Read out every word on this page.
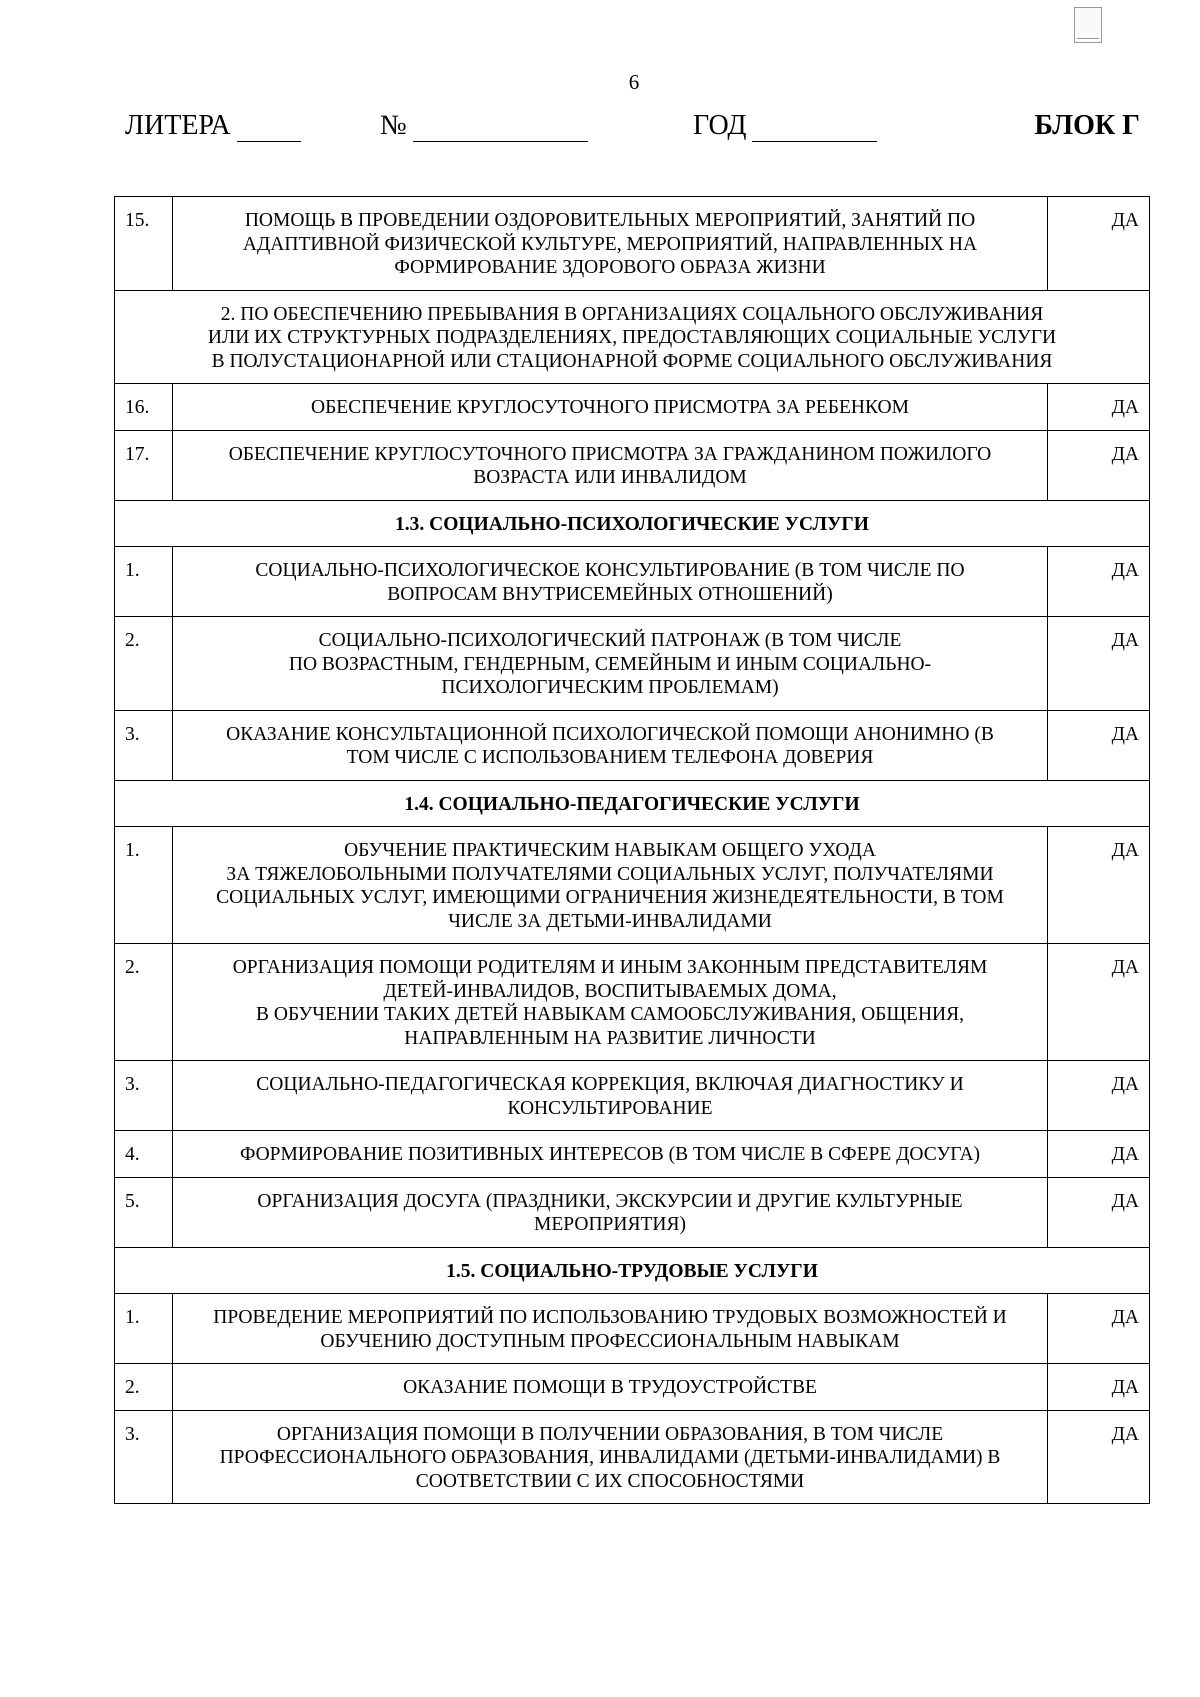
6
ЛИТЕРА	№	ГОД	БЛОК Г
15.	ПОМОЩЬ В ПРОВЕДЕНИИ ОЗДОРОВИТЕЛЬНЫХ МЕРОПРИЯТИЙ, ЗАНЯТИЙ ПО
АДАПТИВНОЙ ФИЗИЧЕСКОЙ КУЛЬТУРЕ, МЕРОПРИЯТИЙ, НАПРАВЛЕННЫХ НА
ФОРМИРОВАНИЕ ЗДОРОВОГО ОБРАЗА ЖИЗНИ	ДА

2. ПО ОБЕСПЕЧЕНИЮ ПРЕБЫВАНИЯ В ОРГАНИЗАЦИЯХ СОЦАЛЬНОГО ОБСЛУЖИВАНИЯ
ИЛИ ИХ СТРУКТУРНЫХ ПОДРАЗДЕЛЕНИЯХ, ПРЕДОСТАВЛЯЮЩИХ СОЦИАЛЬНЫЕ УСЛУГИ
В ПОЛУСТАЦИОНАРНОЙ ИЛИ СТАЦИОНАРНОЙ ФОРМЕ СОЦИАЛЬНОГО ОБСЛУЖИВАНИЯ		

16.	ОБЕСПЕЧЕНИЕ КРУГЛОСУТОЧНОГО ПРИСМОТРА ЗА РЕБЕНКОМ	ДА
17.	ОБЕСПЕЧЕНИЕ КРУГЛОСУТОЧНОГО ПРИСМОТРА ЗА ГРАЖДАНИНОМ ПОЖИЛОГО
ВОЗРАСТА ИЛИ ИНВАЛИДОМ	ДА

1.3. СОЦИАЛЬНО-ПСИХОЛОГИЧЕСКИЕ УСЛУГИ		

1.	СОЦИАЛЬНО-ПСИХОЛОГИЧЕСКОЕ КОНСУЛЬТИРОВАНИЕ (В ТОМ ЧИСЛЕ ПО
ВОПРОСАМ ВНУТРИСЕМЕЙНЫХ ОТНОШЕНИЙ)	ДА
2.	СОЦИАЛЬНО-ПСИХОЛОГИЧЕСКИЙ ПАТРОНАЖ (В ТОМ ЧИСЛЕ
ПО ВОЗРАСТНЫМ, ГЕНДЕРНЫМ, СЕМЕЙНЫМ И ИНЫМ СОЦИАЛЬНО-
ПСИХОЛОГИЧЕСКИМ ПРОБЛЕМАМ)	ДА
3.	ОКАЗАНИЕ КОНСУЛЬТАЦИОННОЙ ПСИХОЛОГИЧЕСКОЙ ПОМОЩИ АНОНИМНО (В
ТОМ ЧИСЛЕ С ИСПОЛЬЗОВАНИЕМ ТЕЛЕФОНА ДОВЕРИЯ	ДА

1.4. СОЦИАЛЬНО-ПЕДАГОГИЧЕСКИЕ УСЛУГИ		

1.	ОБУЧЕНИЕ ПРАКТИЧЕСКИМ НАВЫКАМ ОБЩЕГО УХОДА
ЗА ТЯЖЕЛОБОЛЬНЫМИ ПОЛУЧАТЕЛЯМИ СОЦИАЛЬНЫХ УСЛУГ, ПОЛУЧАТЕЛЯМИ
СОЦИАЛЬНЫХ УСЛУГ, ИМЕЮЩИМИ ОГРАНИЧЕНИЯ ЖИЗНЕДЕЯТЕЛЬНОСТИ, В ТОМ
ЧИСЛЕ ЗА ДЕТЬМИ-ИНВАЛИДАМИ	ДА
2.	ОРГАНИЗАЦИЯ ПОМОЩИ РОДИТЕЛЯМ И ИНЫМ ЗАКОННЫМ ПРЕДСТАВИТЕЛЯМ
ДЕТЕЙ-ИНВАЛИДОВ, ВОСПИТЫВАЕМЫХ ДОМА,
В ОБУЧЕНИИ ТАКИХ ДЕТЕЙ НАВЫКАМ САМООБСЛУЖИВАНИЯ, ОБЩЕНИЯ,
НАПРАВЛЕННЫМ НА РАЗВИТИЕ ЛИЧНОСТИ	ДА
3.	СОЦИАЛЬНО-ПЕДАГОГИЧЕСКАЯ КОРРЕКЦИЯ, ВКЛЮЧАЯ ДИАГНОСТИКУ И
КОНСУЛЬТИРОВАНИЕ	ДА
4.	ФОРМИРОВАНИЕ ПОЗИТИВНЫХ ИНТЕРЕСОВ (В ТОМ ЧИСЛЕ В СФЕРЕ ДОСУГА)	ДА
5.	ОРГАНИЗАЦИЯ ДОСУГА (ПРАЗДНИКИ, ЭКСКУРСИИ И ДРУГИЕ КУЛЬТУРНЫЕ
МЕРОПРИЯТИЯ)	ДА

1.5. СОЦИАЛЬНО-ТРУДОВЫЕ УСЛУГИ		

1.	ПРОВЕДЕНИЕ МЕРОПРИЯТИЙ ПО ИСПОЛЬЗОВАНИЮ ТРУДОВЫХ ВОЗМОЖНОСТЕЙ И
ОБУЧЕНИЮ ДОСТУПНЫМ ПРОФЕССИОНАЛЬНЫМ НАВЫКАМ	ДА
2.	ОКАЗАНИЕ ПОМОЩИ В ТРУДОУСТРОЙСТВЕ	ДА
3.	ОРГАНИЗАЦИЯ ПОМОЩИ В ПОЛУЧЕНИИ ОБРАЗОВАНИЯ, В ТОМ ЧИСЛЕ
ПРОФЕССИОНАЛЬНОГО ОБРАЗОВАНИЯ, ИНВАЛИДАМИ (ДЕТЬМИ-ИНВАЛИДАМИ) В
СООТВЕТСТВИИ С ИХ СПОСОБНОСТЯМИ	ДА
